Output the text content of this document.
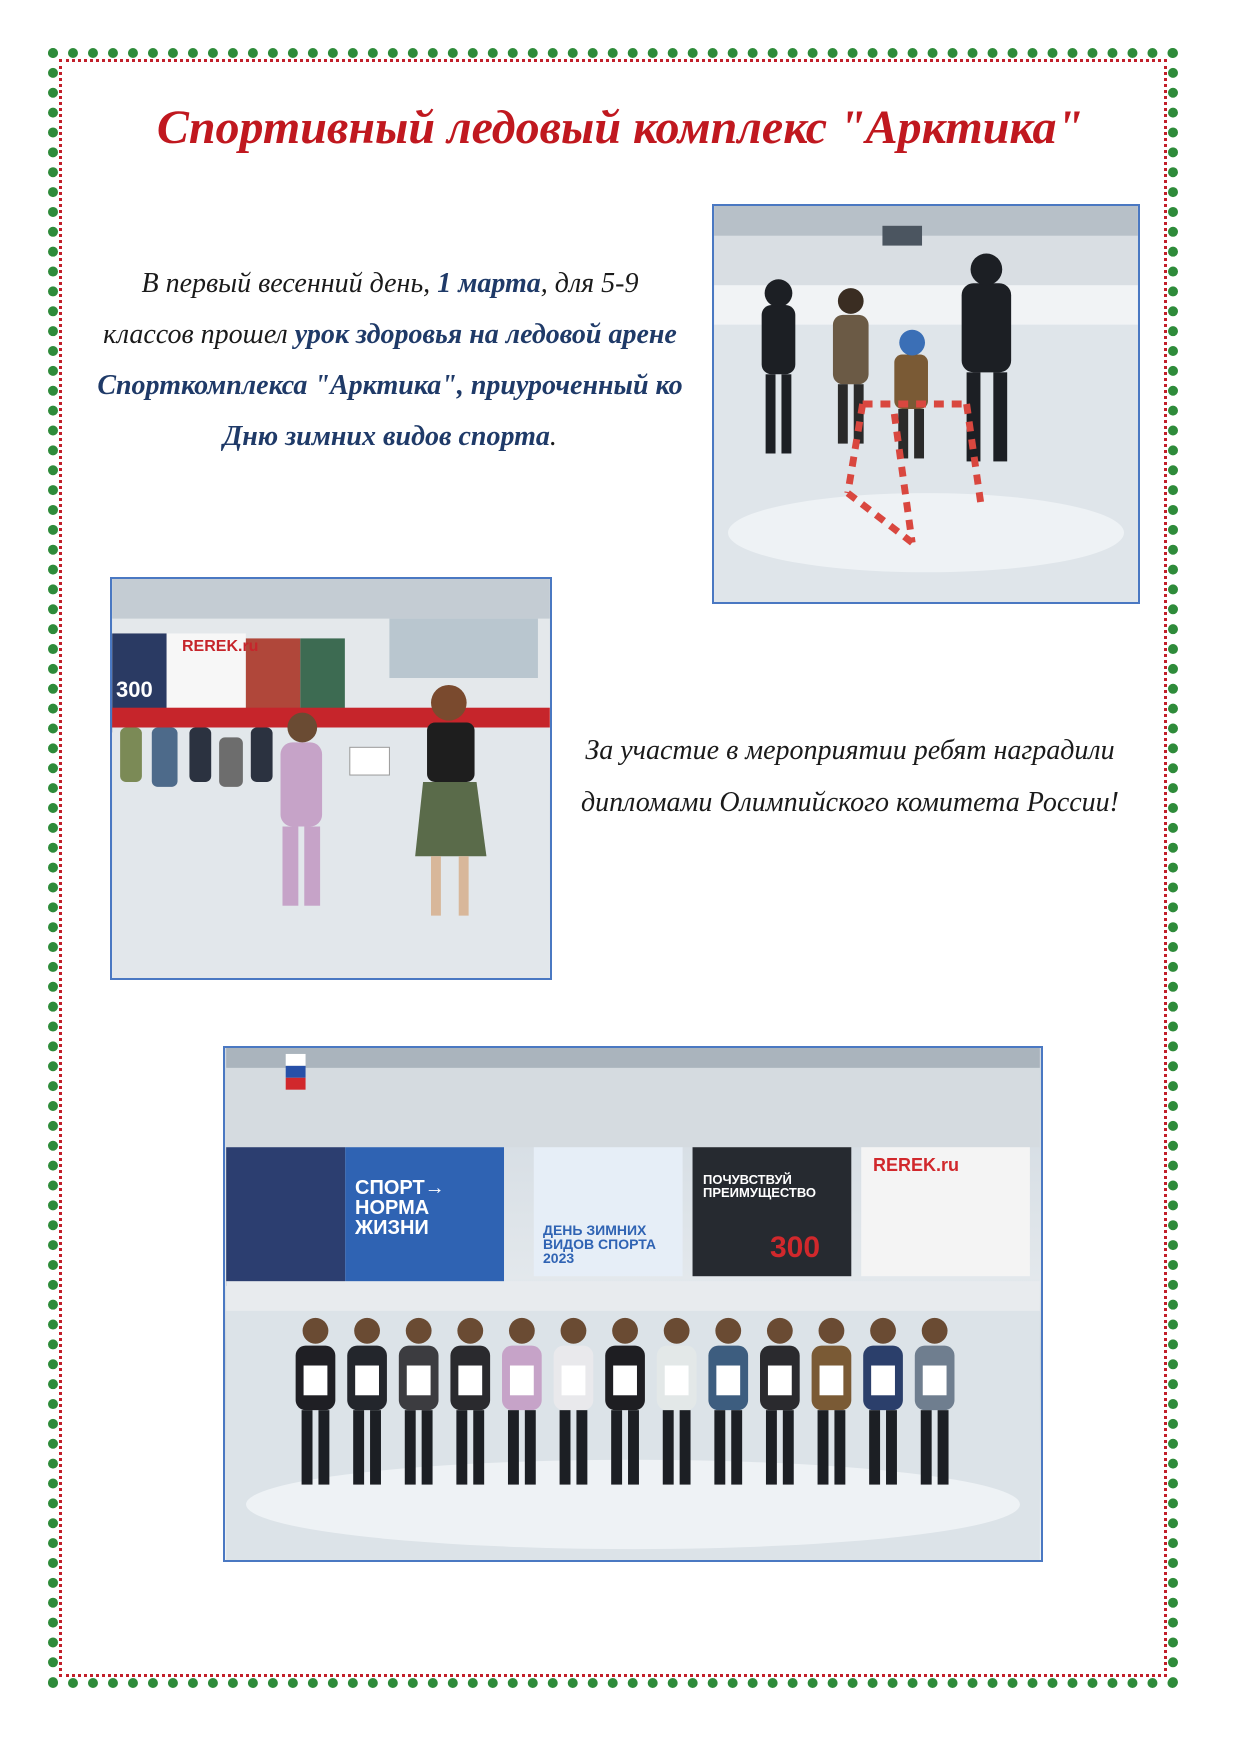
Спортивный ледовый комплекс "Арктика"
В первый весенний день, 1 марта, для 5-9 классов прошел урок здоровья на ледовой арене Спорткомплекса "Арктика", приуроченный ко Дню зимних видов спорта.
REREK.ru
300
За участие в мероприятии ребят наградили дипломами Олимпийского комитета России!
СПОРТ→ НОРМА ЖИЗНИ	ДЕНЬ ЗИМНИХ ВИДОВ СПОРТА 2023
ПОЧУВСТВУЙ ПРЕИМУЩЕСТВО
300
REREK.ru
